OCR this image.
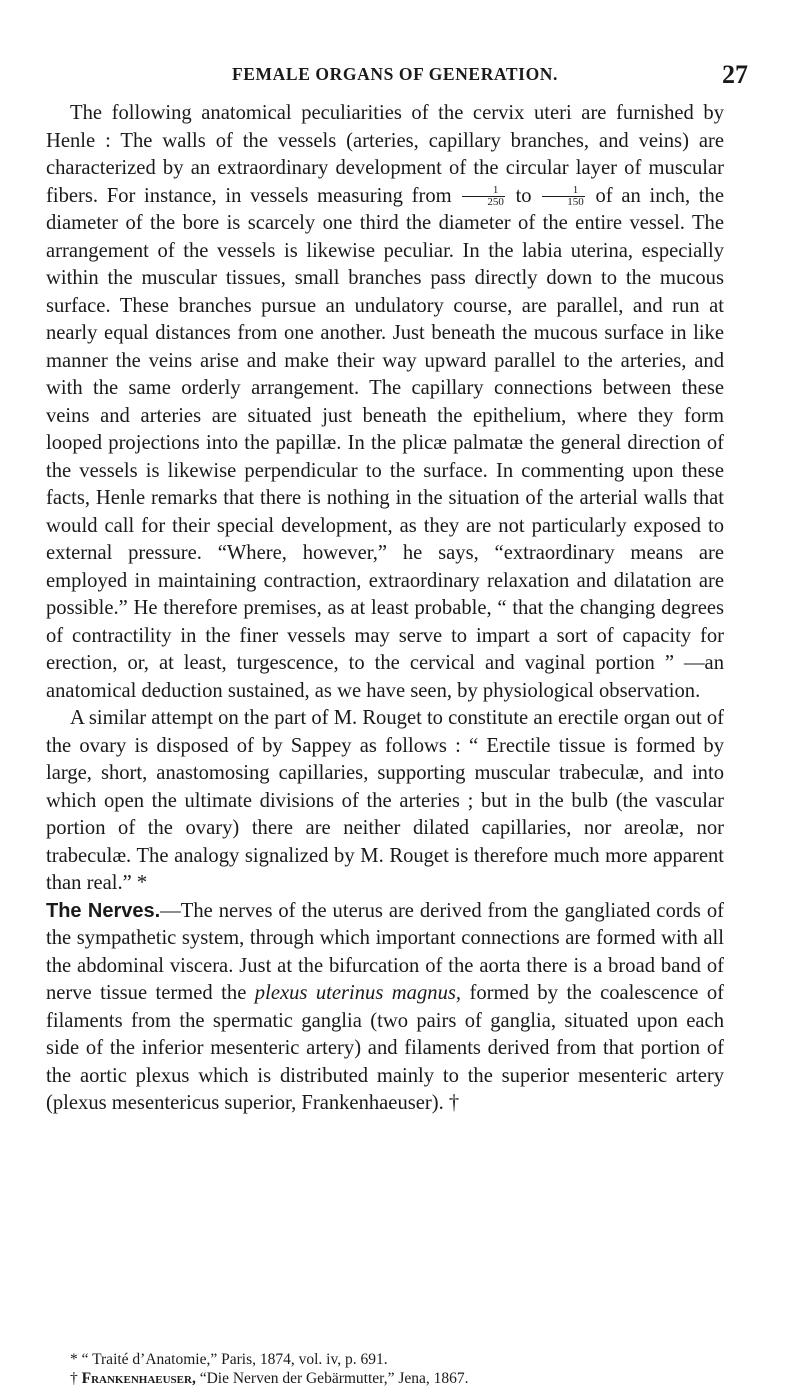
FEMALE ORGANS OF GENERATION.	27

The following anatomical peculiarities of the cervix uteri are furnished by Henle : The walls of the vessels (arteries, capillary branches, and veins) are characterized by an extraordinary development of the circular layer of muscular fibers. For instance, in vessels measuring from $\frac{1}{250}$ to $\frac{1}{150}$ of an inch, the diameter of the bore is scarcely one third the diameter of the entire vessel. The arrangement of the vessels is likewise peculiar. In the labia uterina, especially within the muscular tissues, small branches pass directly down to the mucous surface. These branches pursue an undulatory course, are parallel, and run at nearly equal distances from one another. Just beneath the mucous surface in like manner the veins arise and make their way upward parallel to the arteries, and with the same orderly arrangement. The capillary connections between these veins and arteries are situated just beneath the epithelium, where they form looped projections into the papillæ. In the plicæ palmatæ the general direction of the vessels is likewise perpendicular to the surface. In commenting upon these facts, Henle remarks that there is nothing in the situation of the arterial walls that would call for their special development, as they are not particularly exposed to external pressure. “Where, however,” he says, “extraordinary means are employed in maintaining contraction, extraordinary relaxation and dilatation are possible.” He therefore premises, as at least probable, “ that the changing degrees of contractility in the finer vessels may serve to impart a sort of capacity for erection, or, at least, turgescence, to the cervical and vaginal portion ” —an anatomical deduction sustained, as we have seen, by physiological observation.

A similar attempt on the part of M. Rouget to constitute an erectile organ out of the ovary is disposed of by Sappey as follows : “ Erectile tissue is formed by large, short, anastomosing capillaries, supporting muscular trabeculæ, and into which open the ultimate divisions of the arteries ; but in the bulb (the vascular portion of the ovary) there are neither dilated capillaries, nor areolæ, nor trabeculæ. The analogy signalized by M. Rouget is therefore much more apparent than real.” *

The Nerves.—The nerves of the uterus are derived from the gangliated cords of the sympathetic system, through which important connections are formed with all the abdominal viscera. Just at the bifurcation of the aorta there is a broad band of nerve tissue termed the plexus uterinus magnus, formed by the coalescence of filaments from the spermatic ganglia (two pairs of ganglia, situated upon each side of the inferior mesenteric artery) and filaments derived from that portion of the aortic plexus which is distributed mainly to the superior mesenteric artery (plexus mesentericus superior, Frankenhaeuser). †

* “ Traité d’Anatomie,” Paris, 1874, vol. iv, p. 691.

† Frankenhaeuser, “Die Nerven der Gebärmutter,” Jena, 1867.
